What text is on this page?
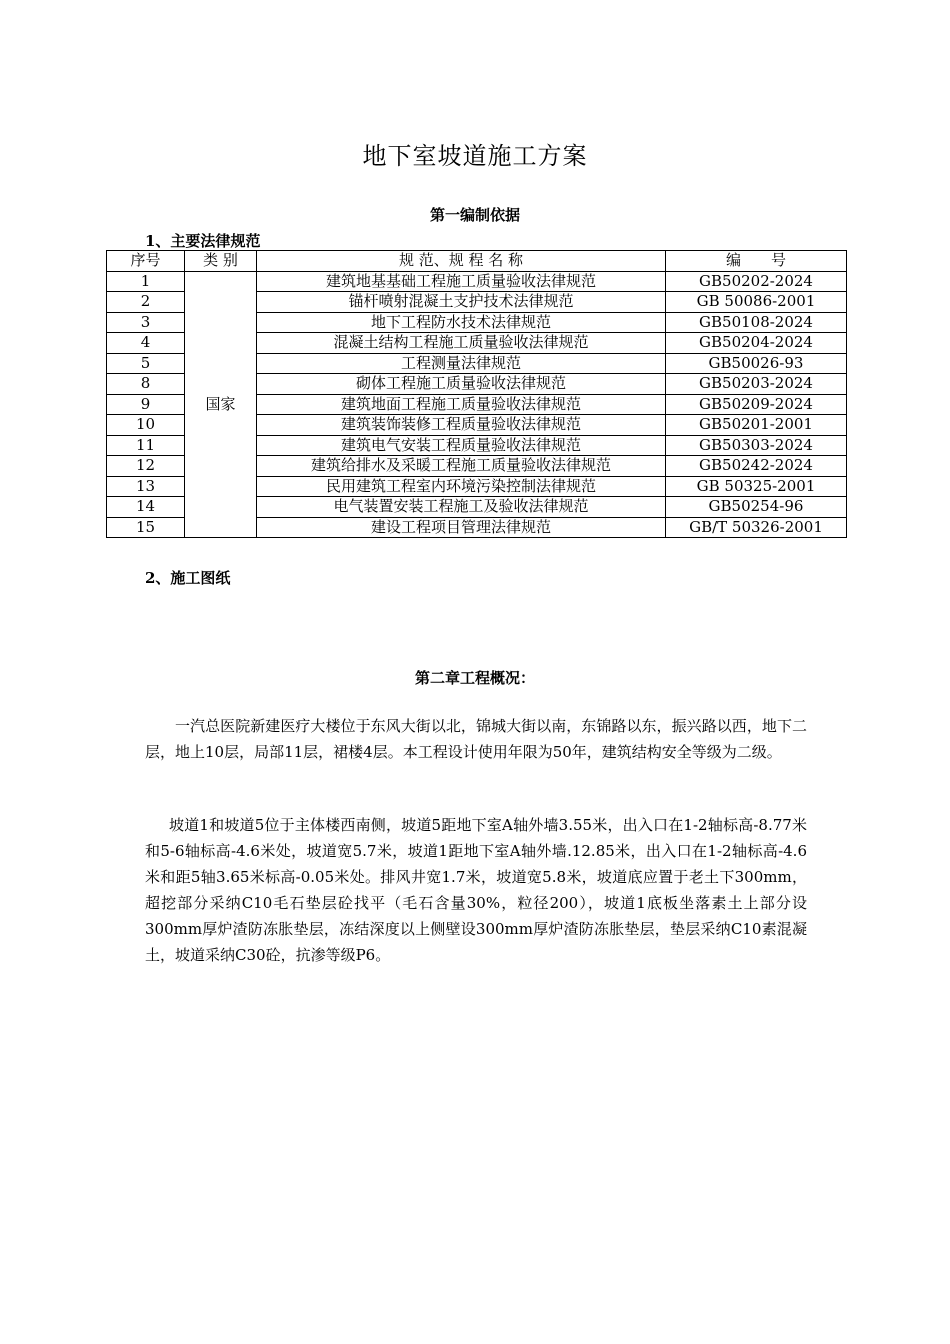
地下室坡道施工方案
第一编制依据
1、主要法律规范
序号	类 别	规 范、规 程 名 称	编　　号
1	国家	建筑地基基础工程施工质量验收法律规范	GB50202-2024
2		锚杆喷射混凝土支护技术法律规范	GB 50086-2001
3		地下工程防水技术法律规范	GB50108-2024
4		混凝土结构工程施工质量验收法律规范	GB50204-2024
5		工程测量法律规范	GB50026-93
8		砌体工程施工质量验收法律规范	GB50203-2024
9		建筑地面工程施工质量验收法律规范	GB50209-2024
10		建筑装饰装修工程质量验收法律规范	GB50201-2001
11		建筑电气安装工程质量验收法律规范	GB50303-2024
12		建筑给排水及采暖工程施工质量验收法律规范	GB50242-2024
13		民用建筑工程室内环境污染控制法律规范	GB 50325-2001
14		电气装置安装工程施工及验收法律规范	GB50254-96
15		建设工程项目管理法律规范	GB/T 50326-2001
2、施工图纸
第二章工程概况：
一汽总医院新建医疗大楼位于东风大街以北，锦城大街以南，东锦路以东，振兴路以西，地下二层，地上10层，局部11层，裙楼4层。本工程设计使用年限为50年，建筑结构安全等级为二级。
坡道1和坡道5位于主体楼西南侧，坡道5距地下室A轴外墙3.55米，出入口在1-2轴标高-8.77米和5-6轴标高-4.6米处，坡道宽5.7米，坡道1距地下室A轴外墙.12.85米，出入口在1-2轴标高-4.6米和距5轴3.65米标高-0.05米处。排风井宽1.7米，坡道宽5.8米，坡道底应置于老土下300mm，超挖部分采纳C10毛石垫层砼找平（毛石含量30%，粒径200），坡道1底板坐落素土上部分设300mm厚炉渣防冻胀垫层，冻结深度以上侧壁设300mm厚炉渣防冻胀垫层，垫层采纳C10素混凝土，坡道采纳C30砼，抗渗等级P6。
